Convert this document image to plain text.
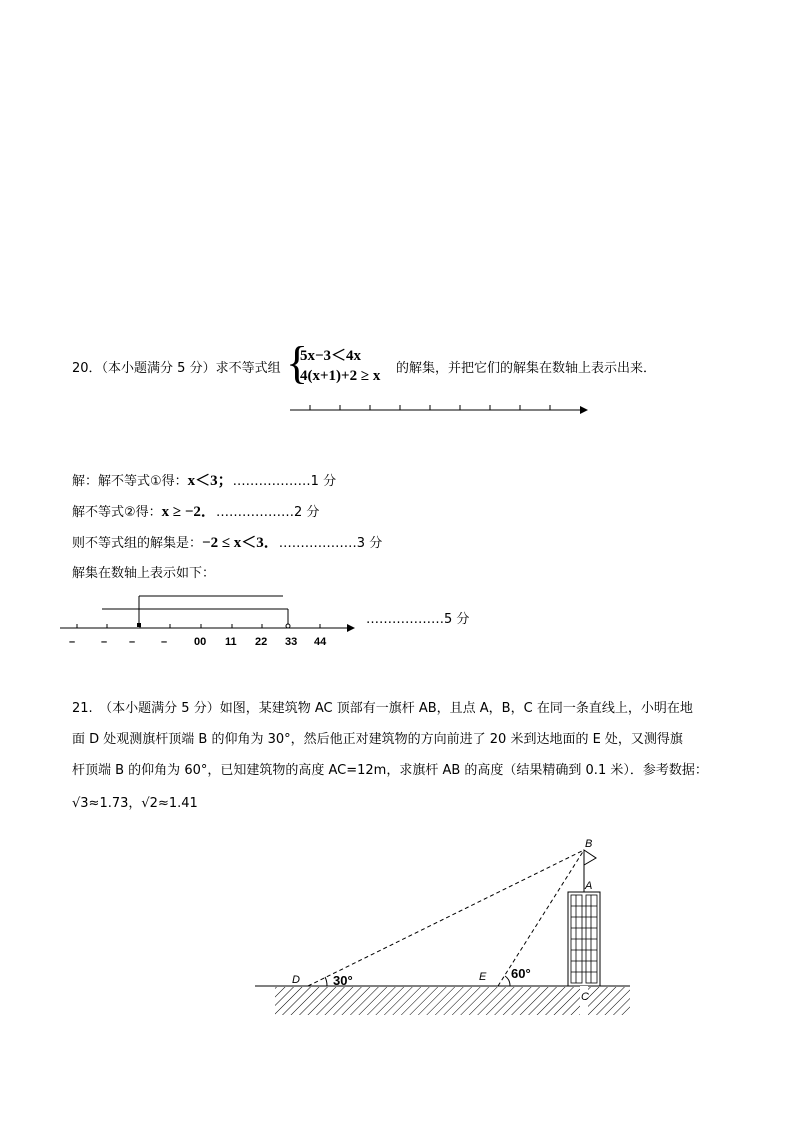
20．（本小题满分 5 分）求不等式组 {
5x−3＜4x
4(x+1)+2 ≥ x 的解集，并把它们的解集在数轴上表示出来．
解：解不等式①得：x＜3；………………1 分
解不等式②得：x ≥ −2．………………2 分
则不等式组的解集是：−2 ≤ x＜3．………………3 分
解集在数轴上表示如下：
– – – – 00 11 22 33 44
………………5 分
21.　（本小题满分 5 分）如图，某建筑物 AC 顶部有一旗杆 AB，且点 A，B，C 在同一条直线上，小明在地
面 D 处观测旗杆顶端 B 的仰角为 30°，然后他正对建筑物的方向前进了 20 米到达地面的 E 处，又测得旗
杆顶端 B 的仰角为 60°，已知建筑物的高度 AC=12m，求旗杆 AB 的高度（结果精确到 0.1 米）．参考数据：
√3≈1.73，√2≈1.41
B
A
C
D	E
30°	60°
